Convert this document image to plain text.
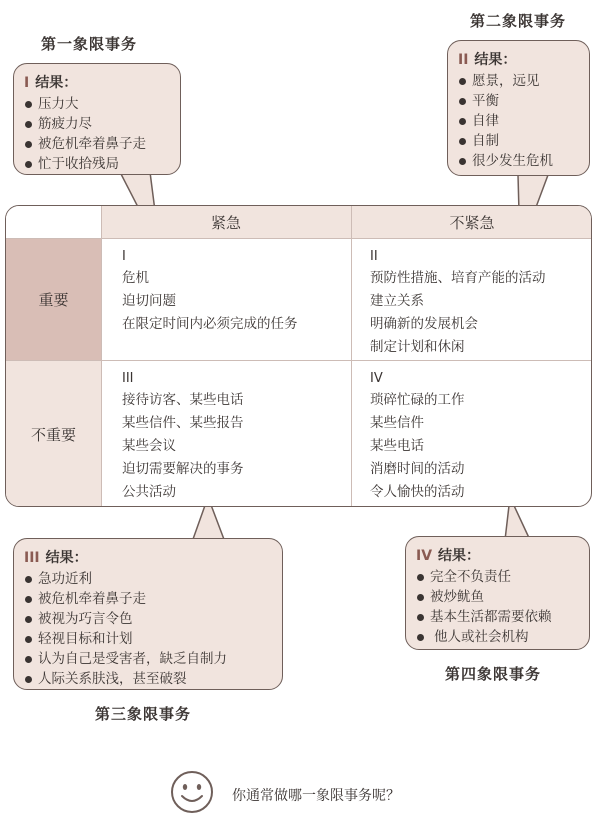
第一象限事务
第二象限事务
第三象限事务
第四象限事务
I 结果：
压力大
筋疲力尽
被危机牵着鼻子走
忙于收拾残局
II 结果：
愿景，远见
平衡
自律
自制
很少发生危机
紧急	不紧急
重要
不重要
I
危机
迫切问题
在限定时间内必须完成的任务
II
预防性措施、培育产能的活动
建立关系
明确新的发展机会
制定计划和休闲
III
接待访客、某些电话
某些信件、某些报告
某些会议
迫切需要解决的事务
公共活动
IV
琐碎忙碌的工作
某些信件
某些电话
消磨时间的活动
令人愉快的活动
III 结果：
急功近利
被危机牵着鼻子走
被视为巧言令色
轻视目标和计划
认为自己是受害者，缺乏自制力
人际关系肤浅，甚至破裂
IV 结果：
完全不负责任
被炒鱿鱼
基本生活都需要依赖
他人或社会机构
你通常做哪一象限事务呢？
